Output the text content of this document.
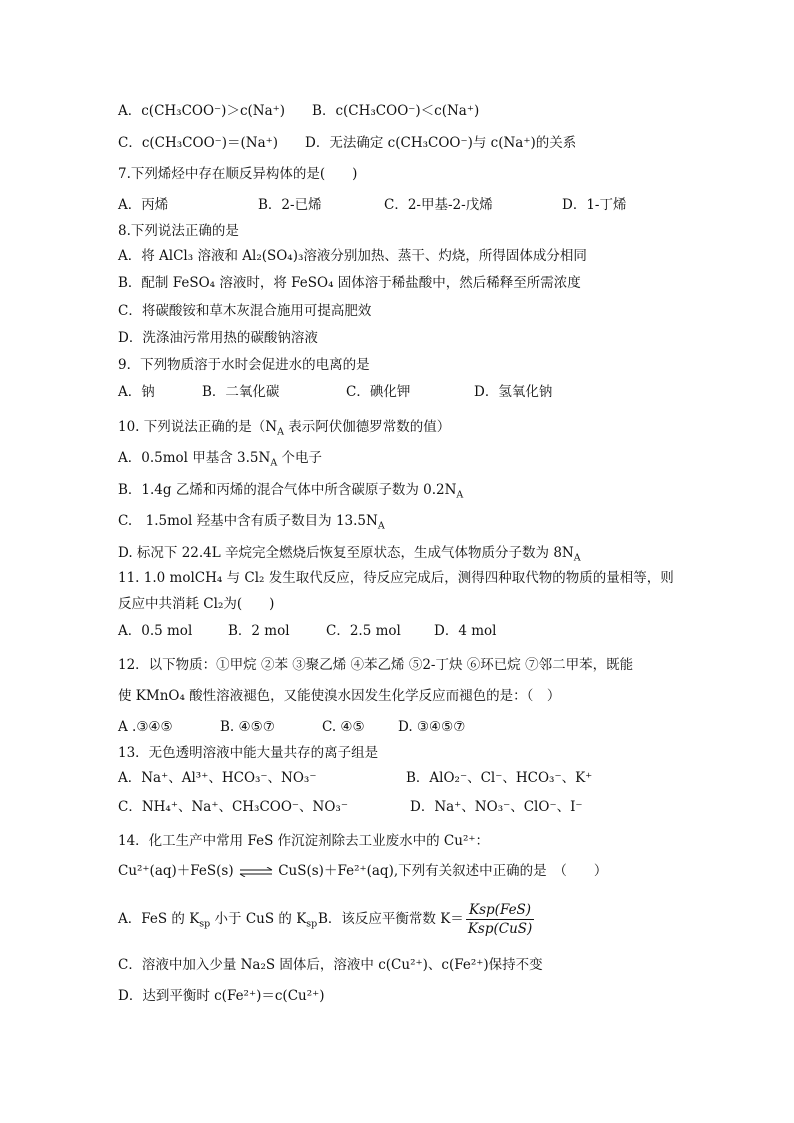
A．c(CH₃COO⁻)＞c(Na⁺)　　B．c(CH₃COO⁻)＜c(Na⁺)
C．c(CH₃COO⁻)＝(Na⁺)　　D．无法确定 c(CH₃COO⁻)与 c(Na⁺)的关系
7.下列烯烃中存在顺反异构体的是(　　)
A．丙烯	B．2-已烯	C．2-甲基-2-戊烯	D．1-丁烯
8.下列说法正确的是
A．将 AlCl₃ 溶液和 Al₂(SO₄)₃溶液分别加热、蒸干、灼烧，所得固体成分相同
B．配制 FeSO₄ 溶液时，将 FeSO₄ 固体溶于稀盐酸中，然后稀释至所需浓度
C．将碳酸铵和草木灰混合施用可提高肥效
D．洗涤油污常用热的碳酸钠溶液
9．下列物质溶于水时会促进水的电离的是
A．钠	B．二氧化碳	C．碘化钾	D．氢氧化钠
10. 下列说法正确的是（$N_A$ 表示阿伏伽德罗常数的值）
A．0.5mol 甲基含 $3.5N_A$ 个电子
B．1.4g 乙烯和丙烯的混合气体中所含碳原子数为 $0.2N_A$
C.　1.5mol 羟基中含有质子数目为 $13.5N_A$
D. 标况下 22.4L 辛烷完全燃烧后恢复至原状态，生成气体物质分子数为 $8N_A$
11. 1.0 molCH₄ 与 Cl₂ 发生取代反应，待反应完成后，测得四种取代物的物质的量相等，则
反应中共消耗 Cl₂为(　　)
A．0.5 mol	B．2 mol	C．2.5 mol D．4 mol
12．以下物质：①甲烷 ②苯 ③聚乙烯 ④苯乙烯 ⑤2-丁炔 ⑥环已烷 ⑦邻二甲苯，既能
使 KMnO₄ 酸性溶液褪色，又能使溴水因发生化学反应而褪色的是：（　）
A .③④⑤	B. ④⑤⑦	C. ④⑤ D. ③④⑤⑦
13．无色透明溶液中能大量共存的离子组是
A．Na⁺、Al³⁺、HCO₃⁻、NO₃⁻	B．AlO₂⁻、Cl⁻、HCO₃⁻、K⁺
C．NH₄⁺、Na⁺、CH₃COO⁻、NO₃⁻	D．Na⁺、NO₃⁻、ClO⁻、I⁻
14．化工生产中常用 FeS 作沉淀剂除去工业废水中的 Cu²⁺：
Cu²⁺(aq)＋FeS(s) ⇌ CuS(s)＋Fe²⁺(aq),下列有关叙述中正确的是　（　　）
A．FeS 的 $K_{sp}$ 小于 CuS 的 $K_{sp}B$．该反应平衡常数 $K= \frac{\text{Ksp(FeS)}}{\text{Ksp(CuS)}}$
C．溶液中加入少量 Na₂S 固体后，溶液中 c(Cu²⁺)、c(Fe²⁺)保持不变
D．达到平衡时 c(Fe²⁺)＝c(Cu²⁺)
